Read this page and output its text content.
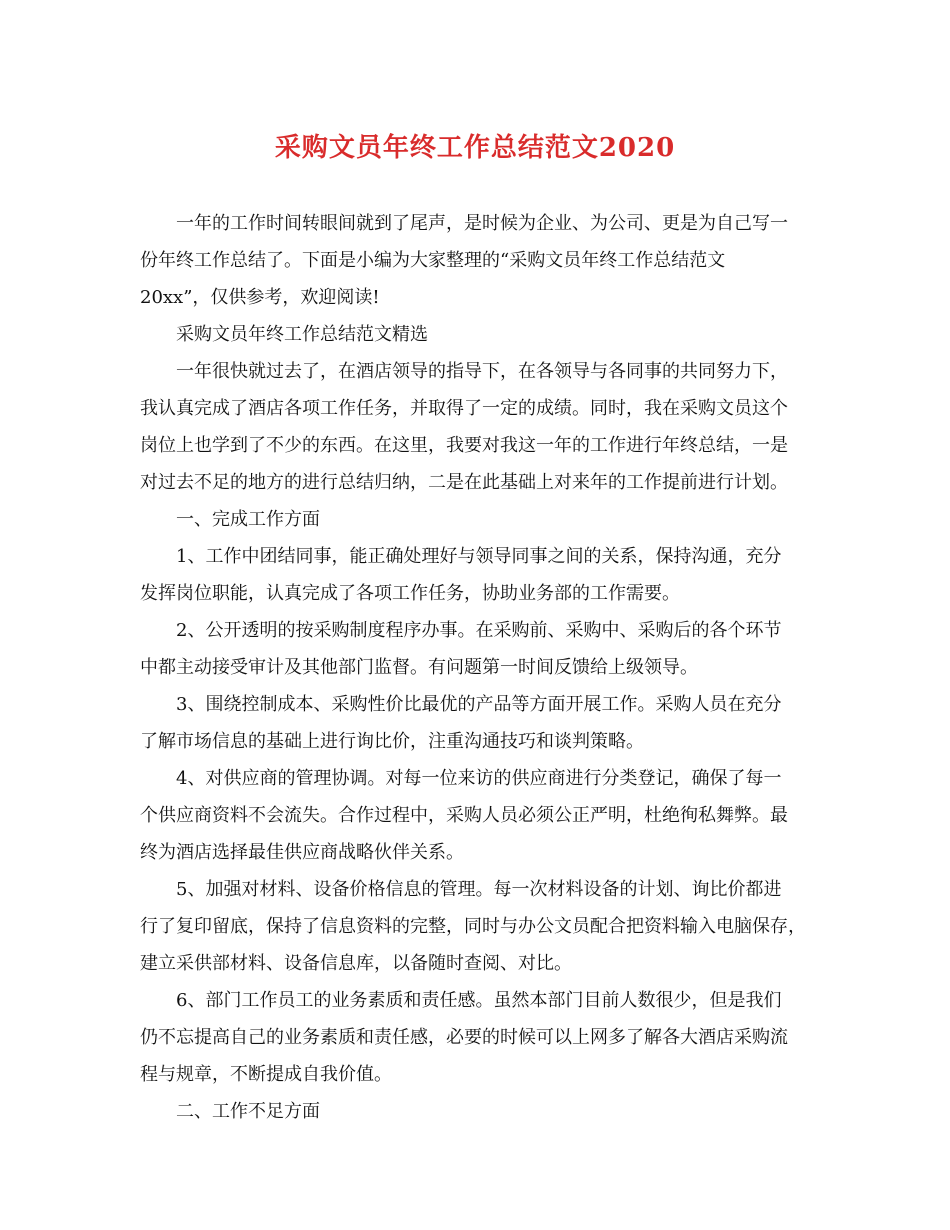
采购文员年终工作总结范文2020
一年的工作时间转眼间就到了尾声，是时候为企业、为公司、更是为自己写一
份年终工作总结了。下面是小编为大家整理的“采购文员年终工作总结范文
20xx”，仅供参考，欢迎阅读!
采购文员年终工作总结范文精选
一年很快就过去了，在酒店领导的指导下，在各领导与各同事的共同努力下，
我认真完成了酒店各项工作任务，并取得了一定的成绩。同时，我在采购文员这个
岗位上也学到了不少的东西。在这里，我要对我这一年的工作进行年终总结，一是
对过去不足的地方的进行总结归纳，二是在此基础上对来年的工作提前进行计划。
一、完成工作方面
1、工作中团结同事，能正确处理好与领导同事之间的关系，保持沟通，充分
发挥岗位职能，认真完成了各项工作任务，协助业务部的工作需要。
2、公开透明的按采购制度程序办事。在采购前、采购中、采购后的各个环节
中都主动接受审计及其他部门监督。有问题第一时间反馈给上级领导。
3、围绕控制成本、采购性价比最优的产品等方面开展工作。采购人员在充分
了解市场信息的基础上进行询比价，注重沟通技巧和谈判策略。
4、对供应商的管理协调。对每一位来访的供应商进行分类登记，确保了每一
个供应商资料不会流失。合作过程中，采购人员必须公正严明，杜绝徇私舞弊。最
终为酒店选择最佳供应商战略伙伴关系。
5、加强对材料、设备价格信息的管理。每一次材料设备的计划、询比价都进
行了复印留底，保持了信息资料的完整，同时与办公文员配合把资料输入电脑保存，
建立采供部材料、设备信息库，以备随时查阅、对比。
6、部门工作员工的业务素质和责任感。虽然本部门目前人数很少，但是我们
仍不忘提高自己的业务素质和责任感，必要的时候可以上网多了解各大酒店采购流
程与规章，不断提成自我价值。
二、工作不足方面
